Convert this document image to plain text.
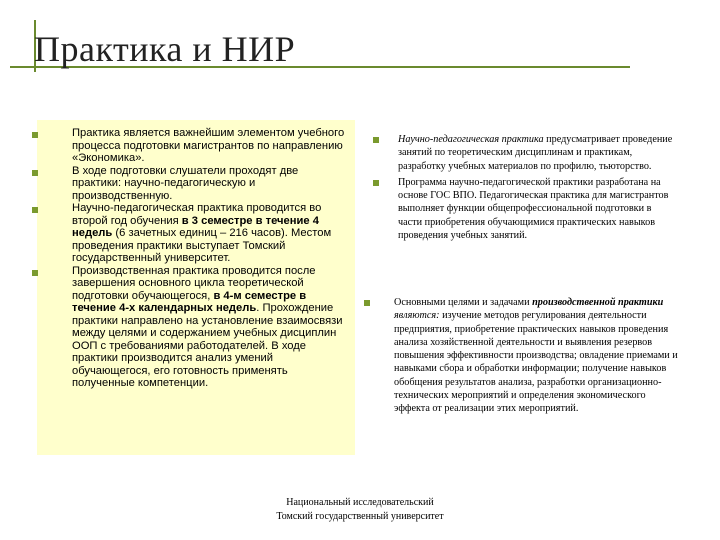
Практика и НИР
Практика является важнейшим элементом учебного процесса подготовки магистрантов по направлению «Экономика».
В ходе подготовки слушатели проходят две практики: научно-педагогическую и производственную.
Научно-педагогическая практика проводится во второй год обучения в 3 семестре в течение 4 недель (6 зачетных единиц – 216 часов). Местом проведения практики выступает Томский государственный университет.
Производственная практика проводится после завершения основного цикла теоретической подготовки обучающегося, в 4-м семестре в течение 4-х календарных недель. Прохождение практики направлено на установление взаимосвязи между целями и содержанием учебных дисциплин ООП с требованиями работодателей. В ходе практики производится анализ умений обучающегося, его готовность применять полученные компетенции.
Научно-педагогическая практика предусматривает проведение занятий по теоретическим дисциплинам и практикам, разработку учебных материалов по профилю, тьюторство.
Программа научно-педагогической практики разработана на основе ГОС ВПО. Педагогическая практика для магистрантов выполняет функции общепрофессиональной подготовки в части приобретения обучающимися практических навыков проведения учебных занятий.
Основными целями и задачами производственной практики являются: изучение методов регулирования деятельности предприятия, приобретение практических навыков проведения анализа хозяйственной деятельности и выявления резервов повышения эффективности производства; овладение приемами и навыками сбора и обработки информации; получение навыков обобщения результатов анализа, разработки организационно-технических мероприятий и определения экономического эффекта от реализации этих мероприятий.
Национальный исследовательский
Томский государственный университет
